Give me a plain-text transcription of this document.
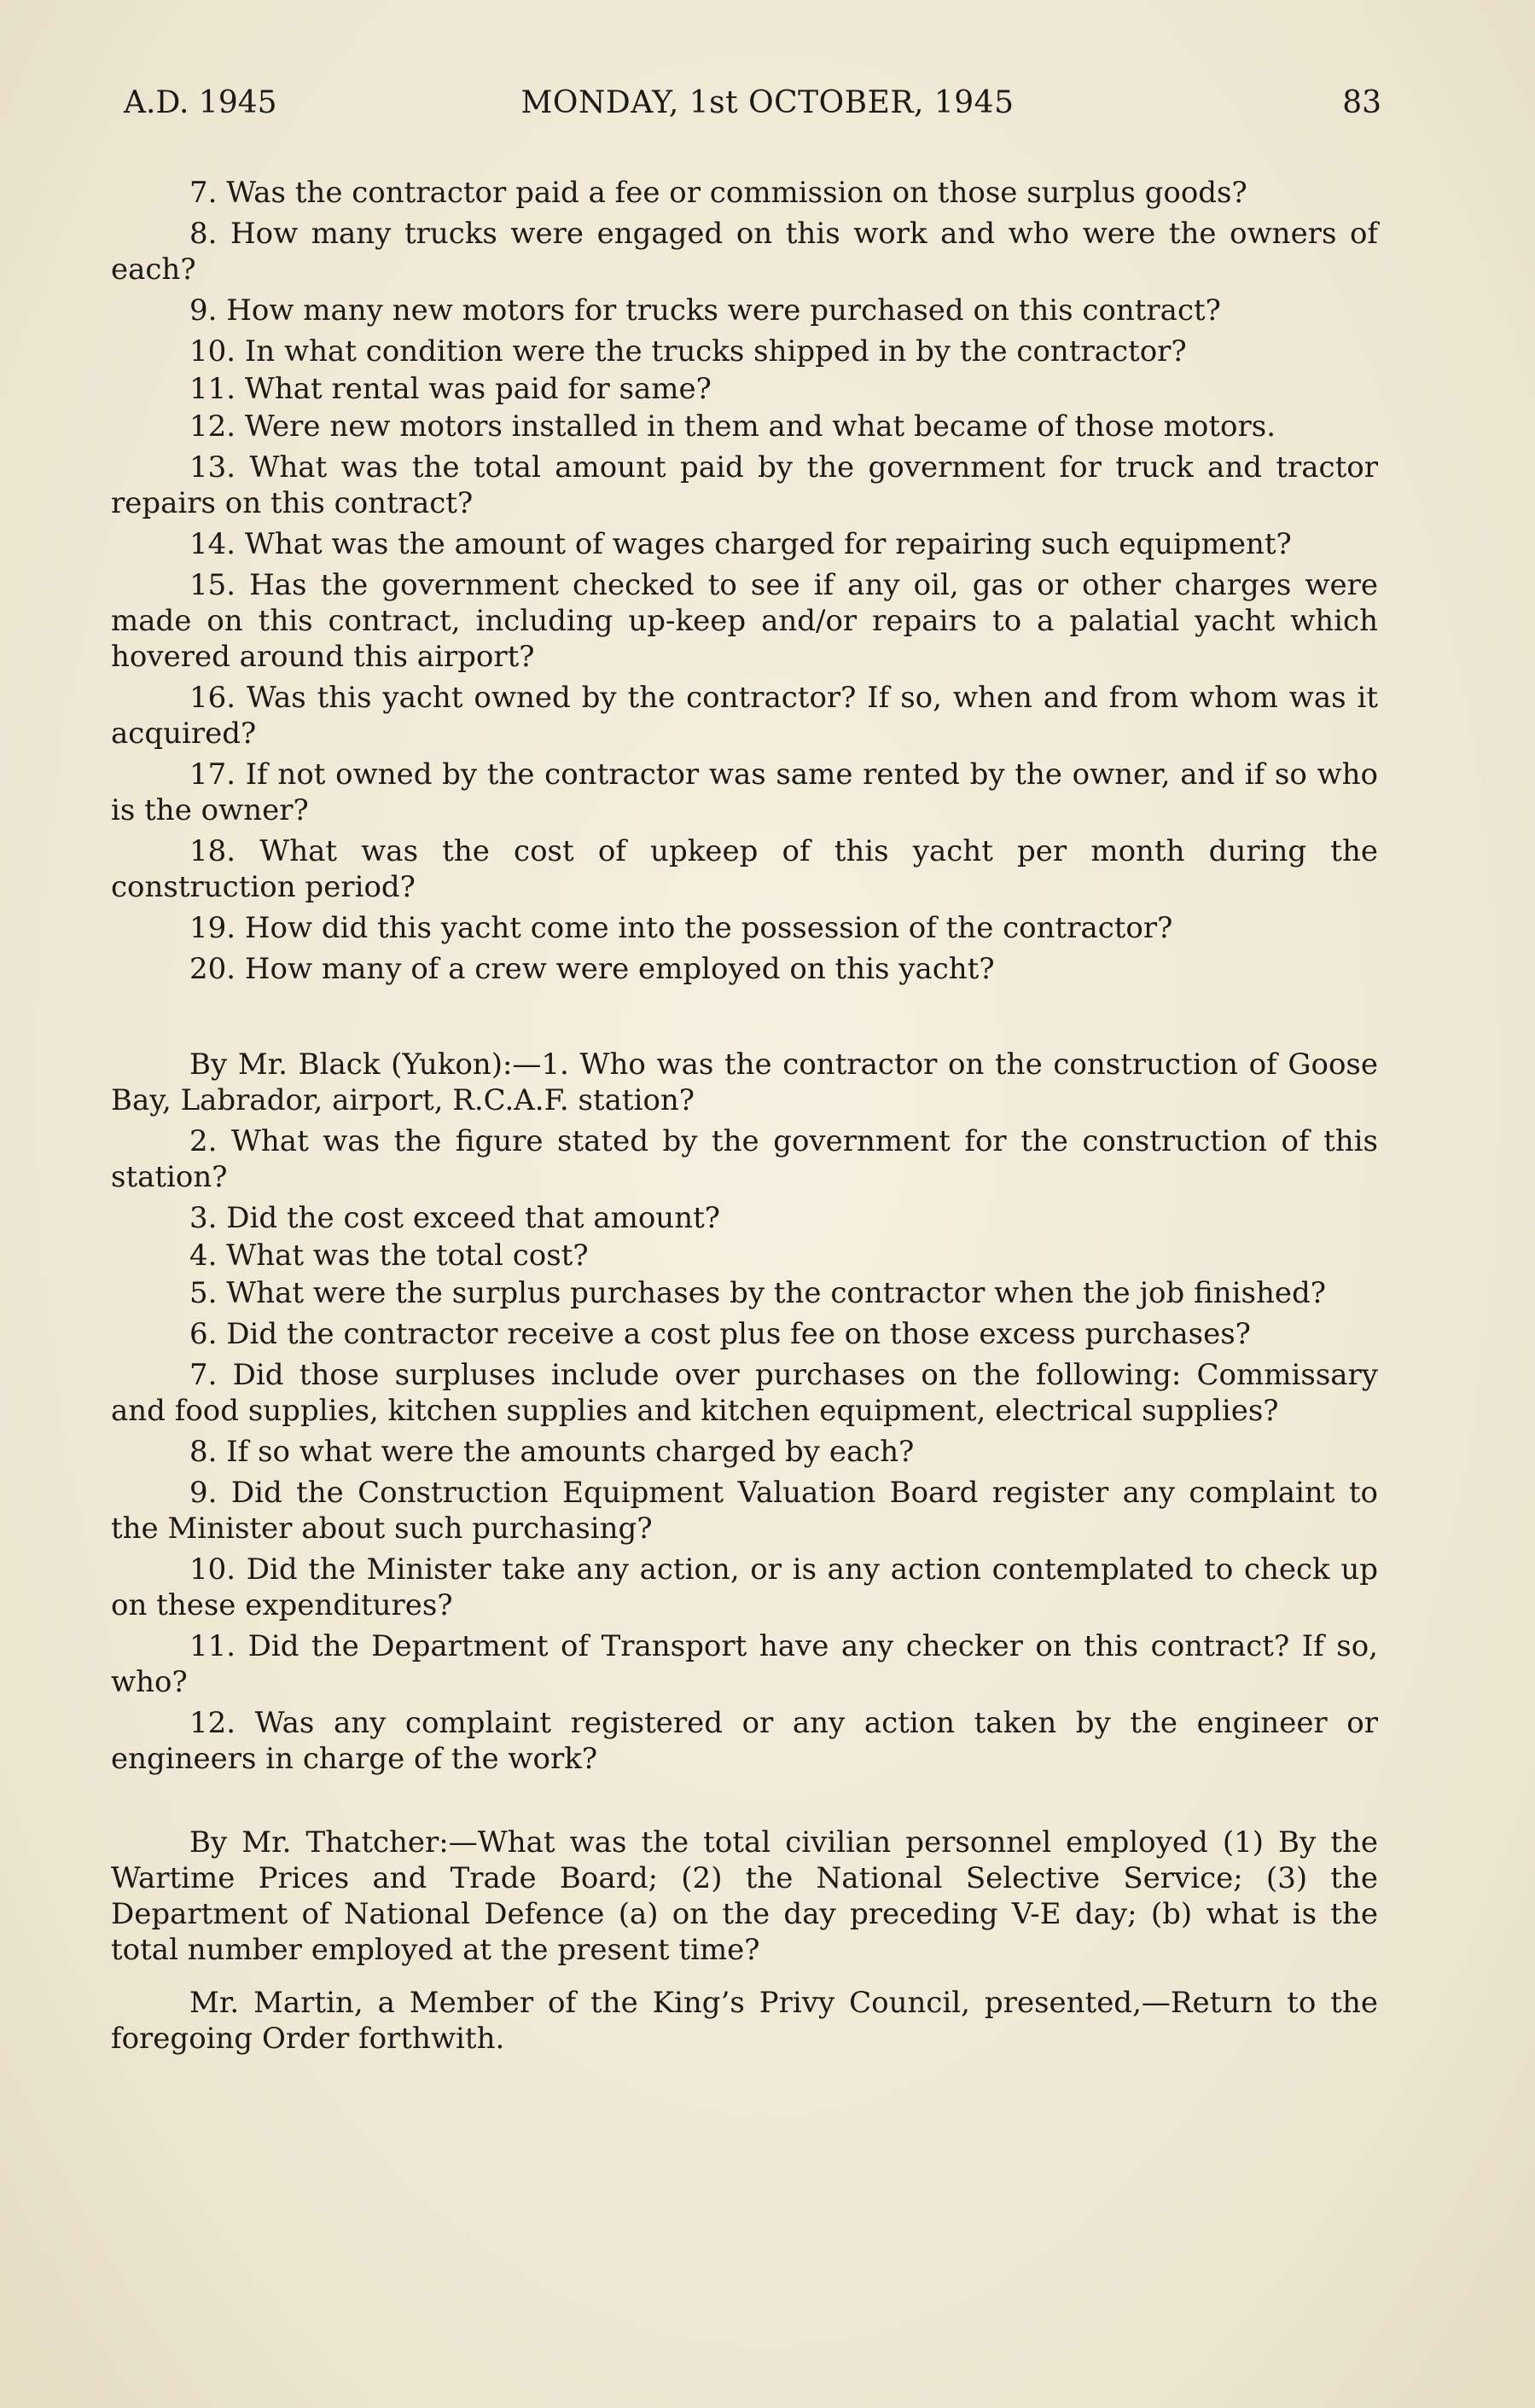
A.D. 1945	MONDAY, 1st OCTOBER, 1945	83

7. Was the contractor paid a fee or commission on those surplus goods?

8. How many trucks were engaged on this work and who were the owners of each?

9. How many new motors for trucks were purchased on this contract?

10. In what condition were the trucks shipped in by the contractor?

11. What rental was paid for same?

12. Were new motors installed in them and what became of those motors.

13. What was the total amount paid by the government for truck and tractor repairs on this contract?

14. What was the amount of wages charged for repairing such equipment?

15. Has the government checked to see if any oil, gas or other charges were made on this contract, including up-keep and/or repairs to a palatial yacht which hovered around this airport?

16. Was this yacht owned by the contractor? If so, when and from whom was it acquired?

17. If not owned by the contractor was same rented by the owner, and if so who is the owner?

18. What was the cost of upkeep of this yacht per month during the construction period?

19. How did this yacht come into the possession of the contractor?

20. How many of a crew were employed on this yacht?

By Mr. Black (Yukon):—1. Who was the contractor on the construction of Goose Bay, Labrador, airport, R.C.A.F. station?

2. What was the figure stated by the government for the construction of this station?

3. Did the cost exceed that amount?

4. What was the total cost?

5. What were the surplus purchases by the contractor when the job finished?

6. Did the contractor receive a cost plus fee on those excess purchases?

7. Did those surpluses include over purchases on the following: Commissary and food supplies, kitchen supplies and kitchen equipment, electrical supplies?

8. If so what were the amounts charged by each?

9. Did the Construction Equipment Valuation Board register any complaint to the Minister about such purchasing?

10. Did the Minister take any action, or is any action contemplated to check up on these expenditures?

11. Did the Department of Transport have any checker on this contract? If so, who?

12. Was any complaint registered or any action taken by the engineer or engineers in charge of the work?

By Mr. Thatcher:—What was the total civilian personnel employed (1) By the Wartime Prices and Trade Board; (2) the National Selective Service; (3) the Department of National Defence (a) on the day preceding V-E day; (b) what is the total number employed at the present time?

Mr. Martin, a Member of the King’s Privy Council, presented,—Return to the foregoing Order forthwith.
